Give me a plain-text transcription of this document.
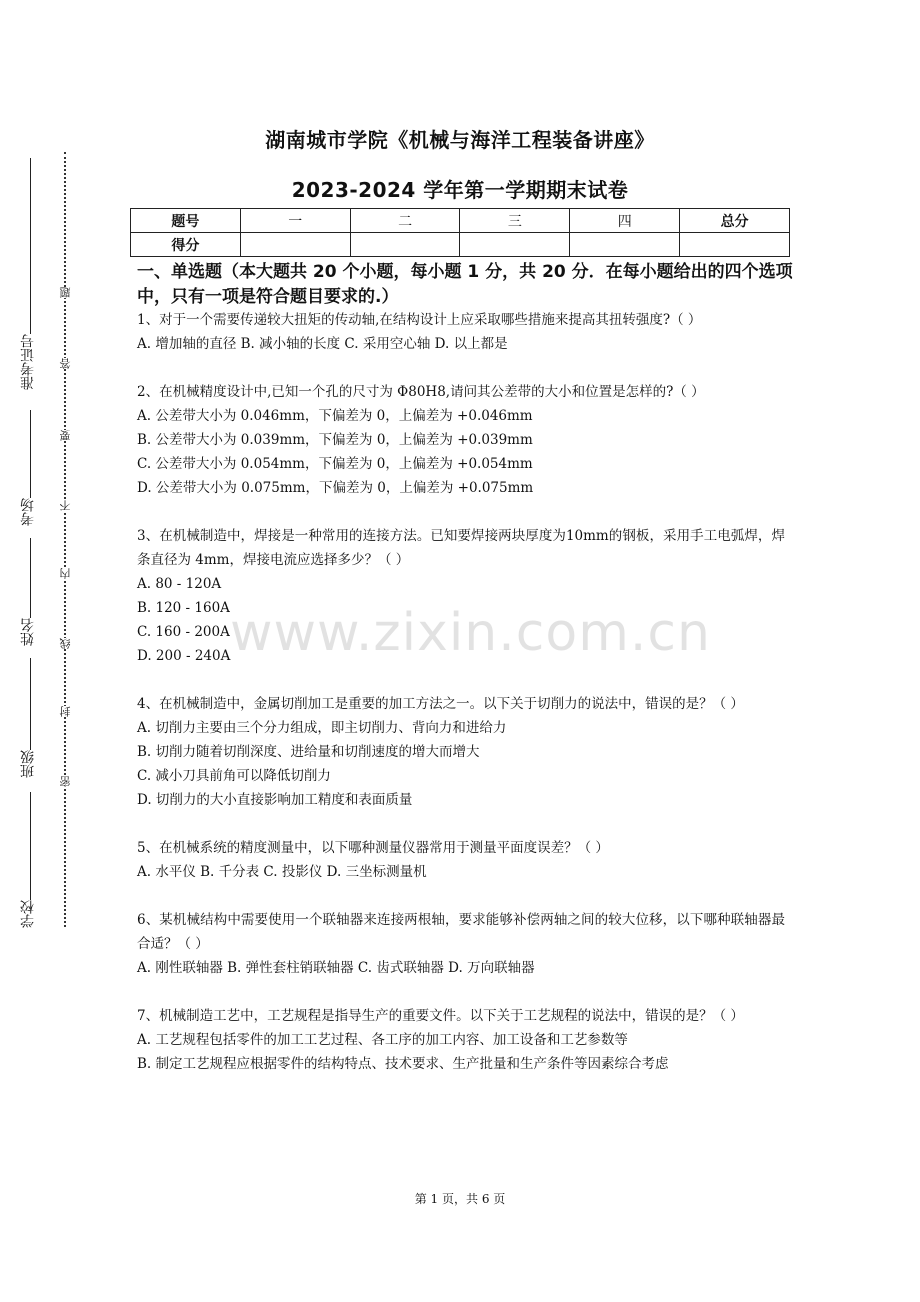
准考证号
考场
姓名
班级
学校
题
答
要
不
内
线
封
密
湖南城市学院《机械与海洋工程装备讲座》
2023-2024 学年第一学期期末试卷
题号	一	二	三	四	总分
得分					
一、单选题（本大题共 20 个小题，每小题 1 分，共 20 分．在每小题给出的四个选项中，只有一项是符合题目要求的.）
1、对于一个需要传递较大扭矩的传动轴,在结构设计上应采取哪些措施来提高其扭转强度?（ ）
A. 增加轴的直径 B. 减小轴的长度 C. 采用空心轴 D. 以上都是
2、在机械精度设计中,已知一个孔的尺寸为 Φ80H8,请问其公差带的大小和位置是怎样的?（ ）
A. 公差带大小为 0.046mm，下偏差为 0，上偏差为 +0.046mm
B. 公差带大小为 0.039mm，下偏差为 0，上偏差为 +0.039mm
C. 公差带大小为 0.054mm，下偏差为 0，上偏差为 +0.054mm
D. 公差带大小为 0.075mm，下偏差为 0，上偏差为 +0.075mm
3、在机械制造中，焊接是一种常用的连接方法。已知要焊接两块厚度为10mm的钢板，采用手工电弧焊，焊条直径为 4mm，焊接电流应选择多少？（ ）
A. 80 - 120A
B. 120 - 160A
C. 160 - 200A
D. 200 - 240A
4、在机械制造中，金属切削加工是重要的加工方法之一。以下关于切削力的说法中，错误的是？（ ）
A. 切削力主要由三个分力组成，即主切削力、背向力和进给力
B. 切削力随着切削深度、进给量和切削速度的增大而增大
C. 减小刀具前角可以降低切削力
D. 切削力的大小直接影响加工精度和表面质量
5、在机械系统的精度测量中，以下哪种测量仪器常用于测量平面度误差？（ ）
A. 水平仪 B. 千分表 C. 投影仪 D. 三坐标测量机
6、某机械结构中需要使用一个联轴器来连接两根轴，要求能够补偿两轴之间的较大位移，以下哪种联轴器最合适？（ ）
A. 刚性联轴器 B. 弹性套柱销联轴器 C. 齿式联轴器 D. 万向联轴器
7、机械制造工艺中，工艺规程是指导生产的重要文件。以下关于工艺规程的说法中，错误的是？（ ）
A. 工艺规程包括零件的加工工艺过程、各工序的加工内容、加工设备和工艺参数等
B. 制定工艺规程应根据零件的结构特点、技术要求、生产批量和生产条件等因素综合考虑
www.zixin.com.cn
第 1 页，共 6 页
